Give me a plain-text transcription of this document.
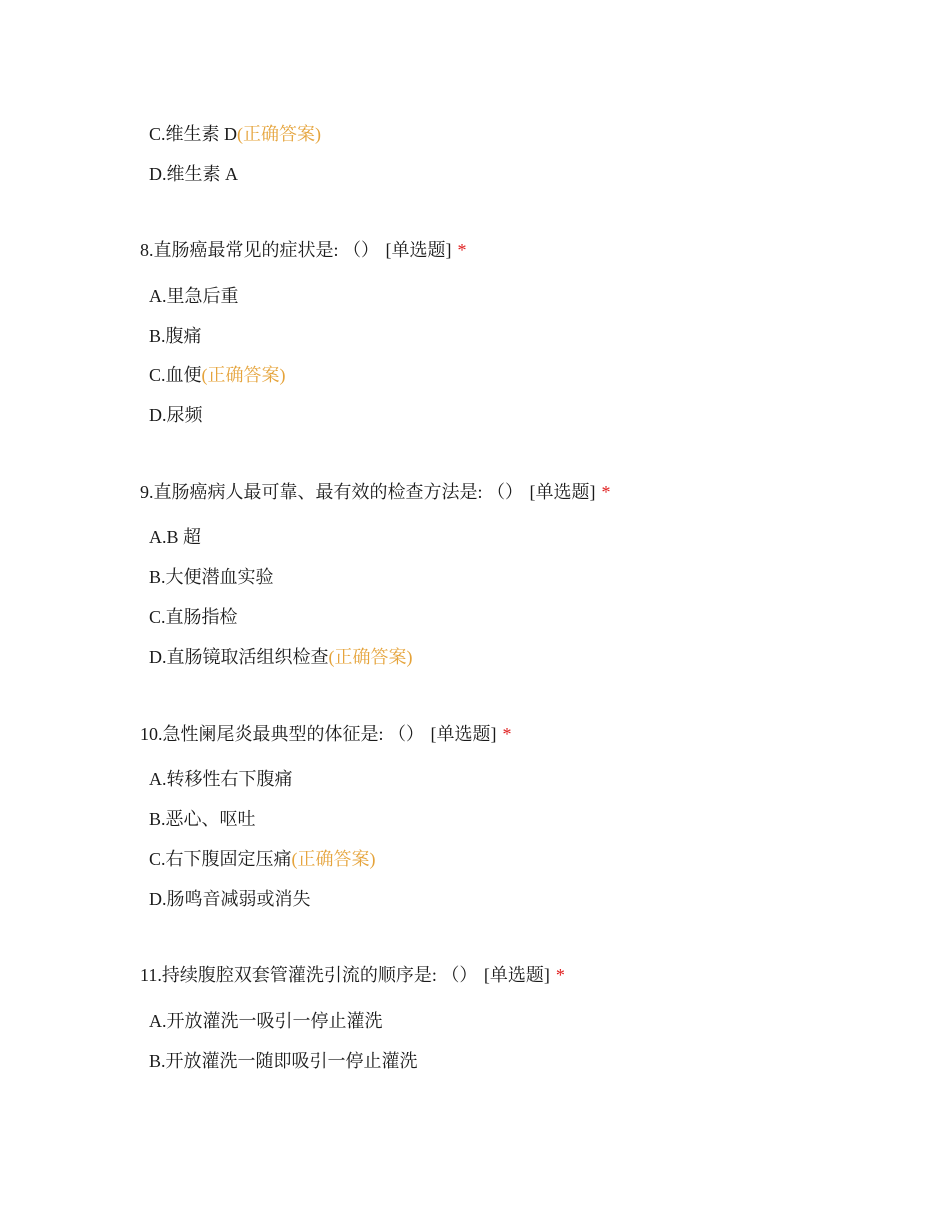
C.维生素 D(正确答案)
D.维生素 A
8.直肠癌最常见的症状是: （） [单选题] *
A.里急后重
B.腹痛
C.血便(正确答案)
D.尿频
9.直肠癌病人最可靠、最有效的检查方法是: （） [单选题] *
A.B 超
B.大便潜血实验
C.直肠指检
D.直肠镜取活组织检查(正确答案)
10.急性阑尾炎最典型的体征是: （） [单选题] *
A.转移性右下腹痛
B.恶心、呕吐
C.右下腹固定压痛(正确答案)
D.肠鸣音减弱或消失
11.持续腹腔双套管灌洗引流的顺序是: （） [单选题] *
A.开放灌洗一吸引一停止灌洗
B.开放灌洗一随即吸引一停止灌洗
